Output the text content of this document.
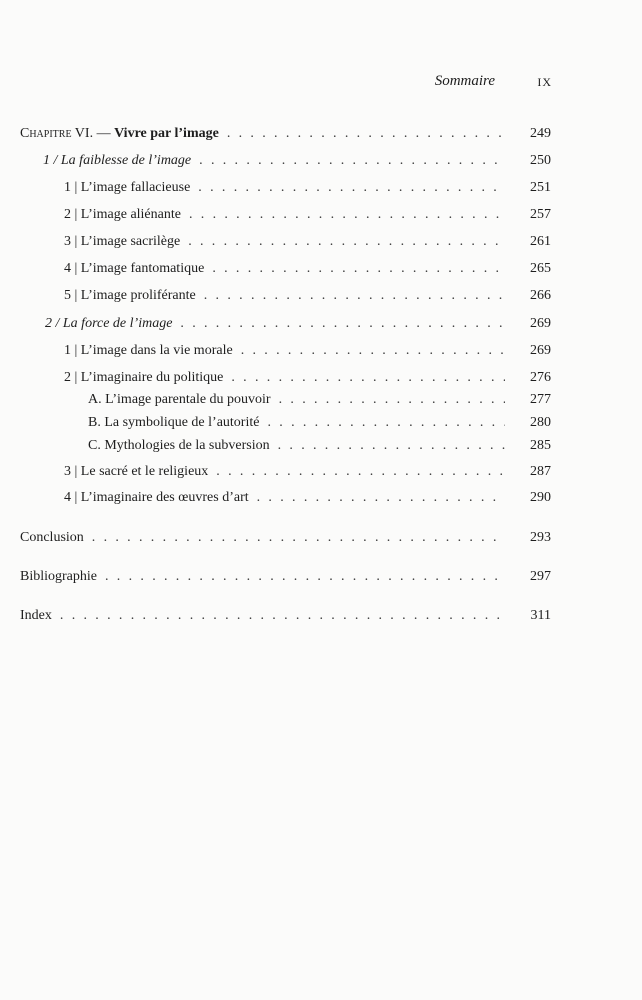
Sommaire	IX
Chapitre VI. — Vivre par l’image . . .	249
1 / La faiblesse de l’image . . .	250
1 | L’image fallacieuse . . .	251
2 | L’image aliénante . . .	257
3 | L’image sacrilège . . .	261
4 | L’image fantomatique . . .	265
5 | L’image proliférante . . .	266
2 / La force de l’image . . .	269
1 | L’image dans la vie morale . . .	269
2 | L’imaginaire du politique . . .	276
A. L’image parentale du pouvoir . . .	277
B. La symbolique de l’autorité . . .	280
C. Mythologies de la subversion . . .	285
3 | Le sacré et le religieux . . .	287
4 | L’imaginaire des œuvres d’art . . .	290
Conclusion . . .	293
Bibliographie . . .	297
Index . . .	311
